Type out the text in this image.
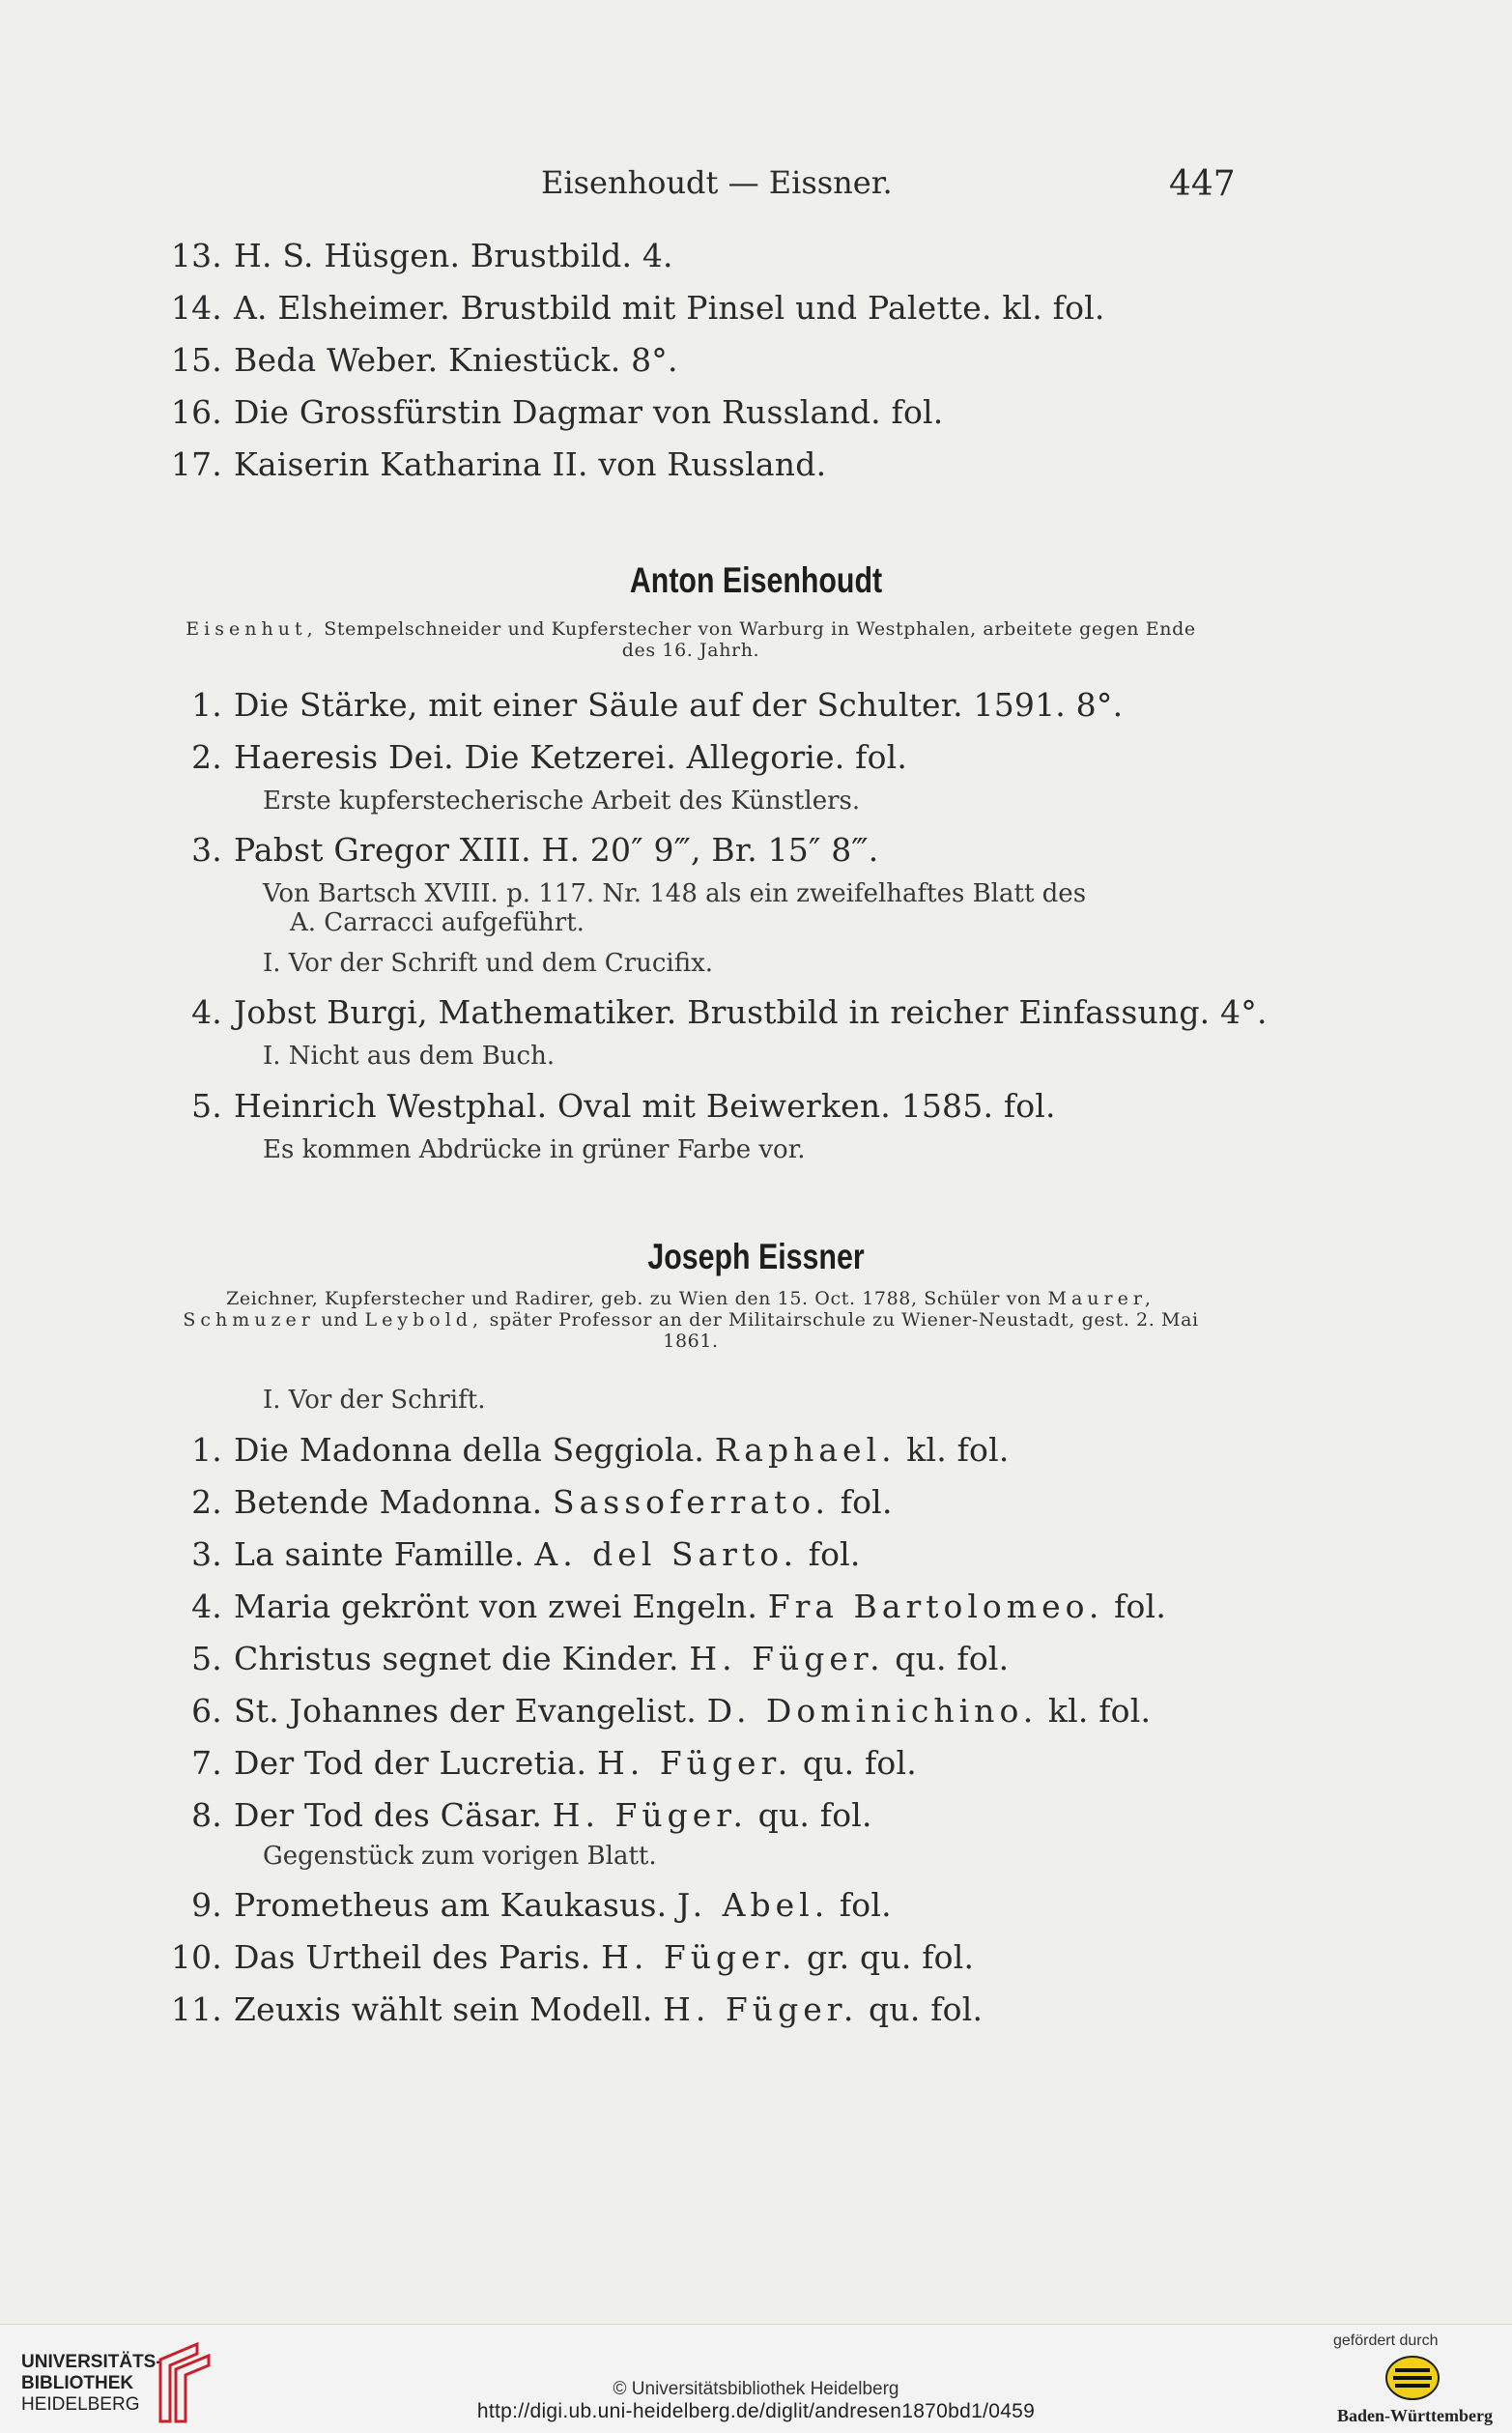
Eisenhoudt — Eissner.	447
13. H. S. Hüsgen. Brustbild. 4.
14. A. Elsheimer. Brustbild mit Pinsel und Palette. kl. fol.
15. Beda Weber. Kniestück. 8°.
16. Die Grossfürstin Dagmar von Russland. fol.
17. Kaiserin Katharina II. von Russland.
Anton Eisenhoudt
Eisenhut, Stempelschneider und Kupferstecher von Warburg in Westphalen, arbeitete gegen Ende des 16. Jahrh.
1. Die Stärke, mit einer Säule auf der Schulter. 1591. 8°.
2. Haeresis Dei. Die Ketzerei. Allegorie. fol.
Erste kupferstecherische Arbeit des Künstlers.
3. Pabst Gregor XIII. H. 20″ 9‴, Br. 15″ 8‴.
Von Bartsch XVIII. p. 117. Nr. 148 als ein zweifelhaftes Blatt des
A. Carracci aufgeführt.
I. Vor der Schrift und dem Crucifix.
4. Jobst Burgi, Mathematiker. Brustbild in reicher Einfassung. 4°.
I. Nicht aus dem Buch.
5. Heinrich Westphal. Oval mit Beiwerken. 1585. fol.
Es kommen Abdrücke in grüner Farbe vor.
Joseph Eissner
Zeichner, Kupferstecher und Radirer, geb. zu Wien den 15. Oct. 1788, Schüler von Maurer, Schmuzer und Leybold, später Professor an der Militairschule zu Wiener-Neustadt, gest. 2. Mai 1861.
I. Vor der Schrift.
1. Die Madonna della Seggiola. Raphael. kl. fol.
2. Betende Madonna. Sassoferrato. fol.
3. La sainte Famille. A. del Sarto. fol.
4. Maria gekrönt von zwei Engeln. Fra Bartolomeo. fol.
5. Christus segnet die Kinder. H. Füger. qu. fol.
6. St. Johannes der Evangelist. D. Dominichino. kl. fol.
7. Der Tod der Lucretia. H. Füger. qu. fol.
8. Der Tod des Cäsar. H. Füger. qu. fol.
Gegenstück zum vorigen Blatt.
9. Prometheus am Kaukasus. J. Abel. fol.
10. Das Urtheil des Paris. H. Füger. gr. qu. fol.
11. Zeuxis wählt sein Modell. H. Füger. qu. fol.
UNIVERSITÄTS-
BIBLIOTHEK
HEIDELBERG
© Universitätsbibliothek Heidelberg
http://digi.ub.uni-heidelberg.de/diglit/andresen1870bd1/0459
gefördert durch
Baden-Württemberg
